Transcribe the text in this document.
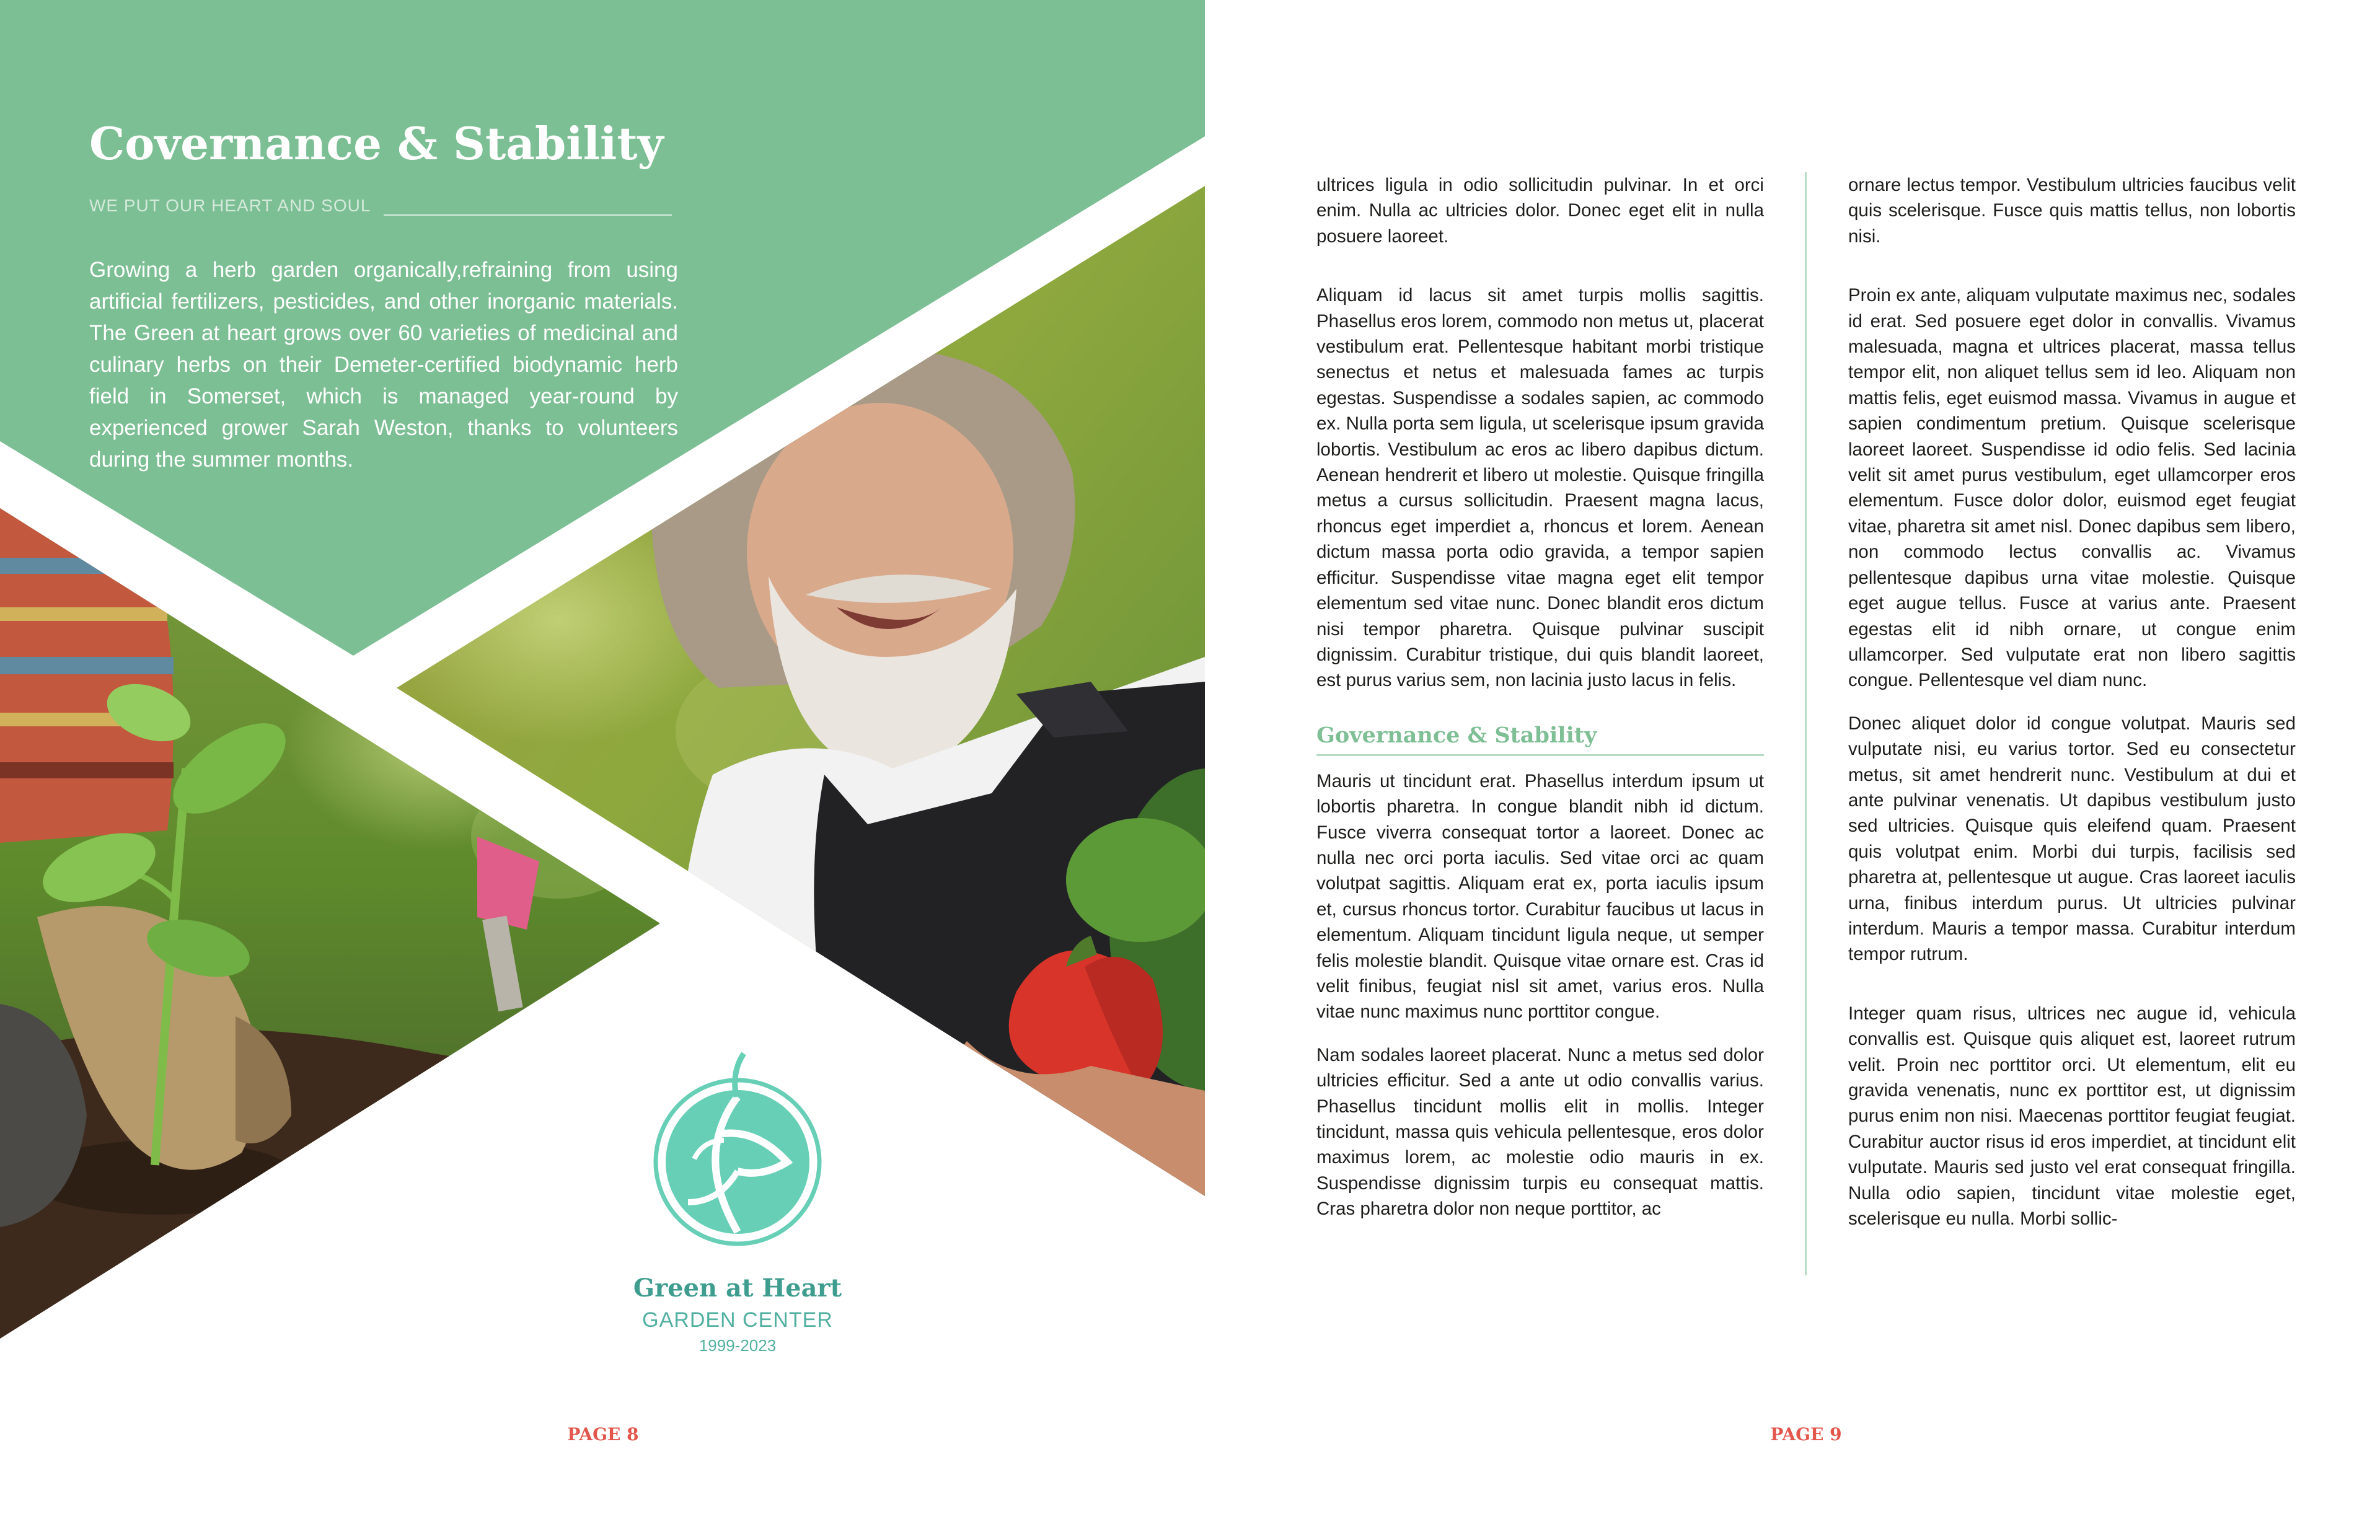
Covernance & Stability
WE PUT OUR HEART AND SOUL

Growing a herb garden organically,refraining from using artificial fertilizers, pesticides, and other inorganic materials. The Green at heart grows over 60 varieties of medicinal and culinary herbs on their Demeter-certified biodynamic herb field in Somerset, which is managed year-round by experienced grower Sarah Weston, thanks to volunteers during the summer months.

Green at Heart
GARDEN CENTER
1999-2023
PAGE 8

ultrices ligula in odio sollicitudin pulvinar. In et orci enim. Nulla ac ultricies dolor. Donec eget elit in nulla posuere laoreet.

Aliquam id lacus sit amet turpis mollis sagittis. Phasellus eros lorem, commodo non metus ut, placerat vestibulum erat. Pellentesque habitant morbi tristique senectus et netus et malesuada fames ac turpis egestas. Suspendisse a sodales sapien, ac commodo ex. Nulla porta sem ligula, ut scelerisque ipsum gravida lobortis. Vestibulum ac eros ac libero dapibus dictum. Aenean hendrerit et libero ut molestie. Quisque fringilla metus a cursus sollicitudin. Praesent magna lacus, rhoncus eget imperdiet a, rhoncus et lorem. Aenean dictum massa porta odio gravida, a tempor sapien efficitur. Suspendisse vitae magna eget elit tempor elementum sed vitae nunc. Donec blandit eros dictum nisi tempor pharetra. Quisque pulvinar suscipit dignissim. Curabitur tristique, dui quis blandit laoreet, est purus varius sem, non lacinia justo lacus in felis.

Governance & Stability

Mauris ut tincidunt erat. Phasellus interdum ipsum ut lobortis pharetra. In congue blandit nibh id dictum. Fusce viverra consequat tortor a laoreet. Donec ac nulla nec orci porta iaculis. Sed vitae orci ac quam volutpat sagittis. Aliquam erat ex, porta iaculis ipsum et, cursus rhoncus tortor. Curabitur faucibus ut lacus in elementum. Aliquam tincidunt ligula neque, ut semper felis molestie blandit. Quisque vitae ornare est. Cras id velit finibus, feugiat nisl sit amet, varius eros. Nulla vitae nunc maximus nunc porttitor congue.

Nam sodales laoreet placerat. Nunc a metus sed dolor ultricies efficitur. Sed a ante ut odio convallis varius. Phasellus tincidunt mollis elit in mollis. Integer tincidunt, massa quis vehicula pellentesque, eros dolor maximus lorem, ac molestie odio mauris in ex. Suspendisse dignissim turpis eu consequat mattis. Cras pharetra dolor non neque porttitor, ac

ornare lectus tempor. Vestibulum ultricies faucibus velit quis scelerisque. Fusce quis mattis tellus, non lobortis nisi.

Proin ex ante, aliquam vulputate maximus nec, sodales id erat. Sed posuere eget dolor in convallis. Vivamus malesuada, magna et ultrices placerat, massa tellus tempor elit, non aliquet tellus sem id leo. Aliquam non mattis felis, eget euismod massa. Vivamus in augue et sapien condimentum pretium. Quisque scelerisque laoreet laoreet. Suspendisse id odio felis. Sed lacinia velit sit amet purus vestibulum, eget ullamcorper eros elementum. Fusce dolor dolor, euismod eget feugiat vitae, pharetra sit amet nisl. Donec dapibus sem libero, non commodo lectus convallis ac. Vivamus pellentesque dapibus urna vitae molestie. Quisque eget augue tellus. Fusce at varius ante. Praesent egestas elit id nibh ornare, ut congue enim ullamcorper. Sed vulputate erat non libero sagittis congue. Pellentesque vel diam nunc.

Donec aliquet dolor id congue volutpat. Mauris sed vulputate nisi, eu varius tortor. Sed eu consectetur metus, sit amet hendrerit nunc. Vestibulum at dui et ante pulvinar venenatis. Ut dapibus vestibulum justo sed ultricies. Quisque quis eleifend quam. Praesent quis volutpat enim. Morbi dui turpis, facilisis sed pharetra at, pellentesque ut augue. Cras laoreet iaculis urna, finibus interdum purus. Ut ultricies pulvinar interdum. Mauris a tempor massa. Curabitur interdum tempor rutrum.

Integer quam risus, ultrices nec augue id, vehicula convallis est. Quisque quis aliquet est, laoreet rutrum velit. Proin nec porttitor orci. Ut elementum, elit eu gravida venenatis, nunc ex porttitor est, ut dignissim purus enim non nisi. Maecenas porttitor feugiat feugiat. Curabitur auctor risus id eros imperdiet, at tincidunt elit vulputate. Mauris sed justo vel erat consequat fringilla. Nulla odio sapien, tincidunt vitae molestie eget, scelerisque eu nulla. Morbi sollic-

PAGE 9
